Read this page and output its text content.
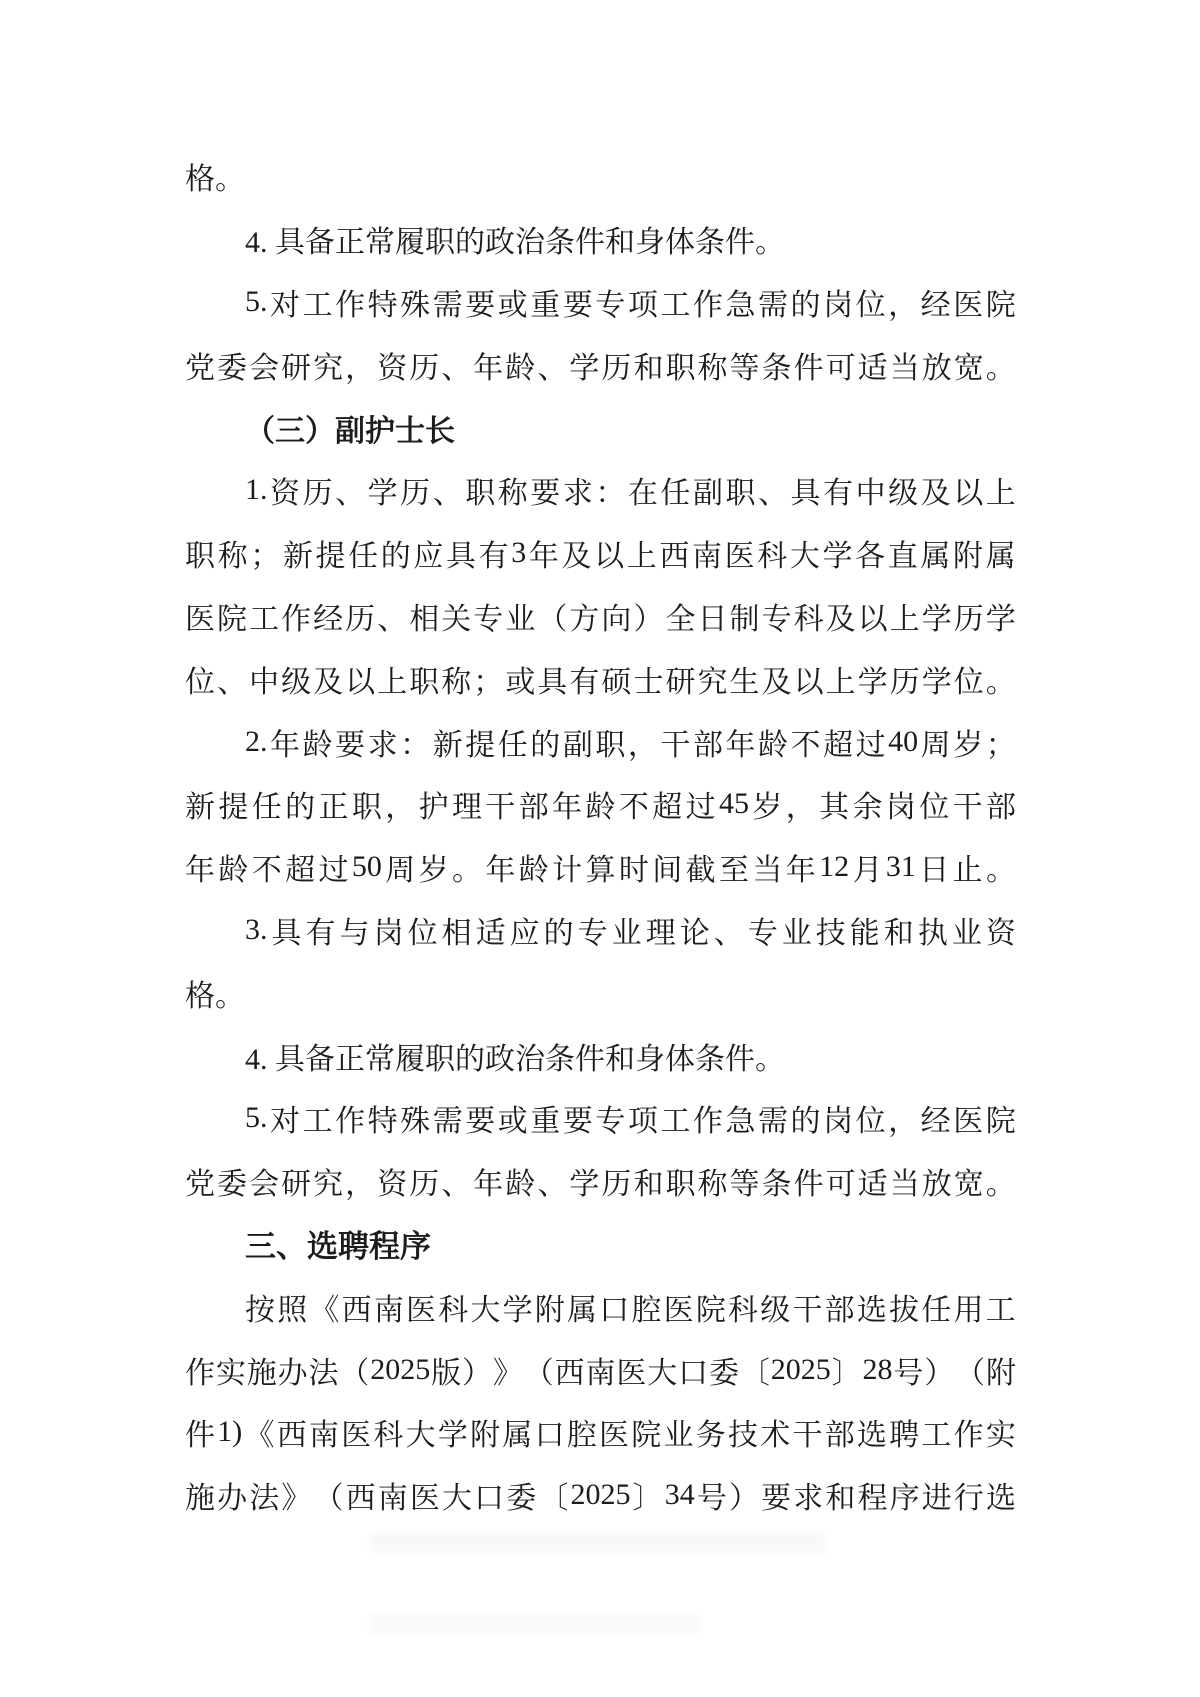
格。
4. 具备正常履职的政治条件和身体条件。
5. 对 工 作 特 殊 需 要 或 重 要 专 项 工 作 急 需 的 岗 位 ， 经 医 院
党 委 会 研 究 ， 资 历 、 年 龄 、 学 历 和 职 称 等 条 件 可 适 当 放 宽 。
（三）副护士长
1. 资 历 、 学 历 、 职 称 要 求 ： 在 任 副 职 、 具 有 中 级 及 以 上
职 称 ； 新 提 任 的 应 具 有 3 年 及 以 上 西 南 医 科 大 学 各 直 属 附 属
医 院 工 作 经 历 、 相 关 专 业 （ 方 向 ） 全 日 制 专 科 及 以 上 学 历 学
位 、 中 级 及 以 上 职 称 ； 或 具 有 硕 士 研 究 生 及 以 上 学 历 学 位 。
2. 年 龄 要 求 ： 新 提 任 的 副 职 ， 干 部 年 龄 不 超 过 40 周 岁 ；
新 提 任 的 正 职 ， 护 理 干 部 年 龄 不 超 过 45 岁 ， 其 余 岗 位 干 部
年 龄 不 超 过 50 周 岁 。 年 龄 计 算 时 间 截 至 当 年 12 月 31 日 止 。
3. 具 有 与 岗 位 相 适 应 的 专 业 理 论 、 专 业 技 能 和 执 业 资
格。
4. 具备正常履职的政治条件和身体条件。
5. 对 工 作 特 殊 需 要 或 重 要 专 项 工 作 急 需 的 岗 位 ， 经 医 院
党 委 会 研 究 ， 资 历 、 年 龄 、 学 历 和 职 称 等 条 件 可 适 当 放 宽 。
三、选聘程序
按 照 《 西 南 医 科 大 学 附 属 口 腔 医 院 科 级 干 部 选 拔 任 用 工
作 实 施 办 法 （ 2025 版 ） 》 （ 西 南 医 大 口 委 〔 2025 〕 28 号 ） （ 附
件 1) 《 西 南 医 科 大 学 附 属 口 腔 医 院 业 务 技 术 干 部 选 聘 工 作 实
施 办 法 》 （ 西 南 医 大 口 委 〔 2025 〕 34 号 ） 要 求 和 程 序 进 行 选
